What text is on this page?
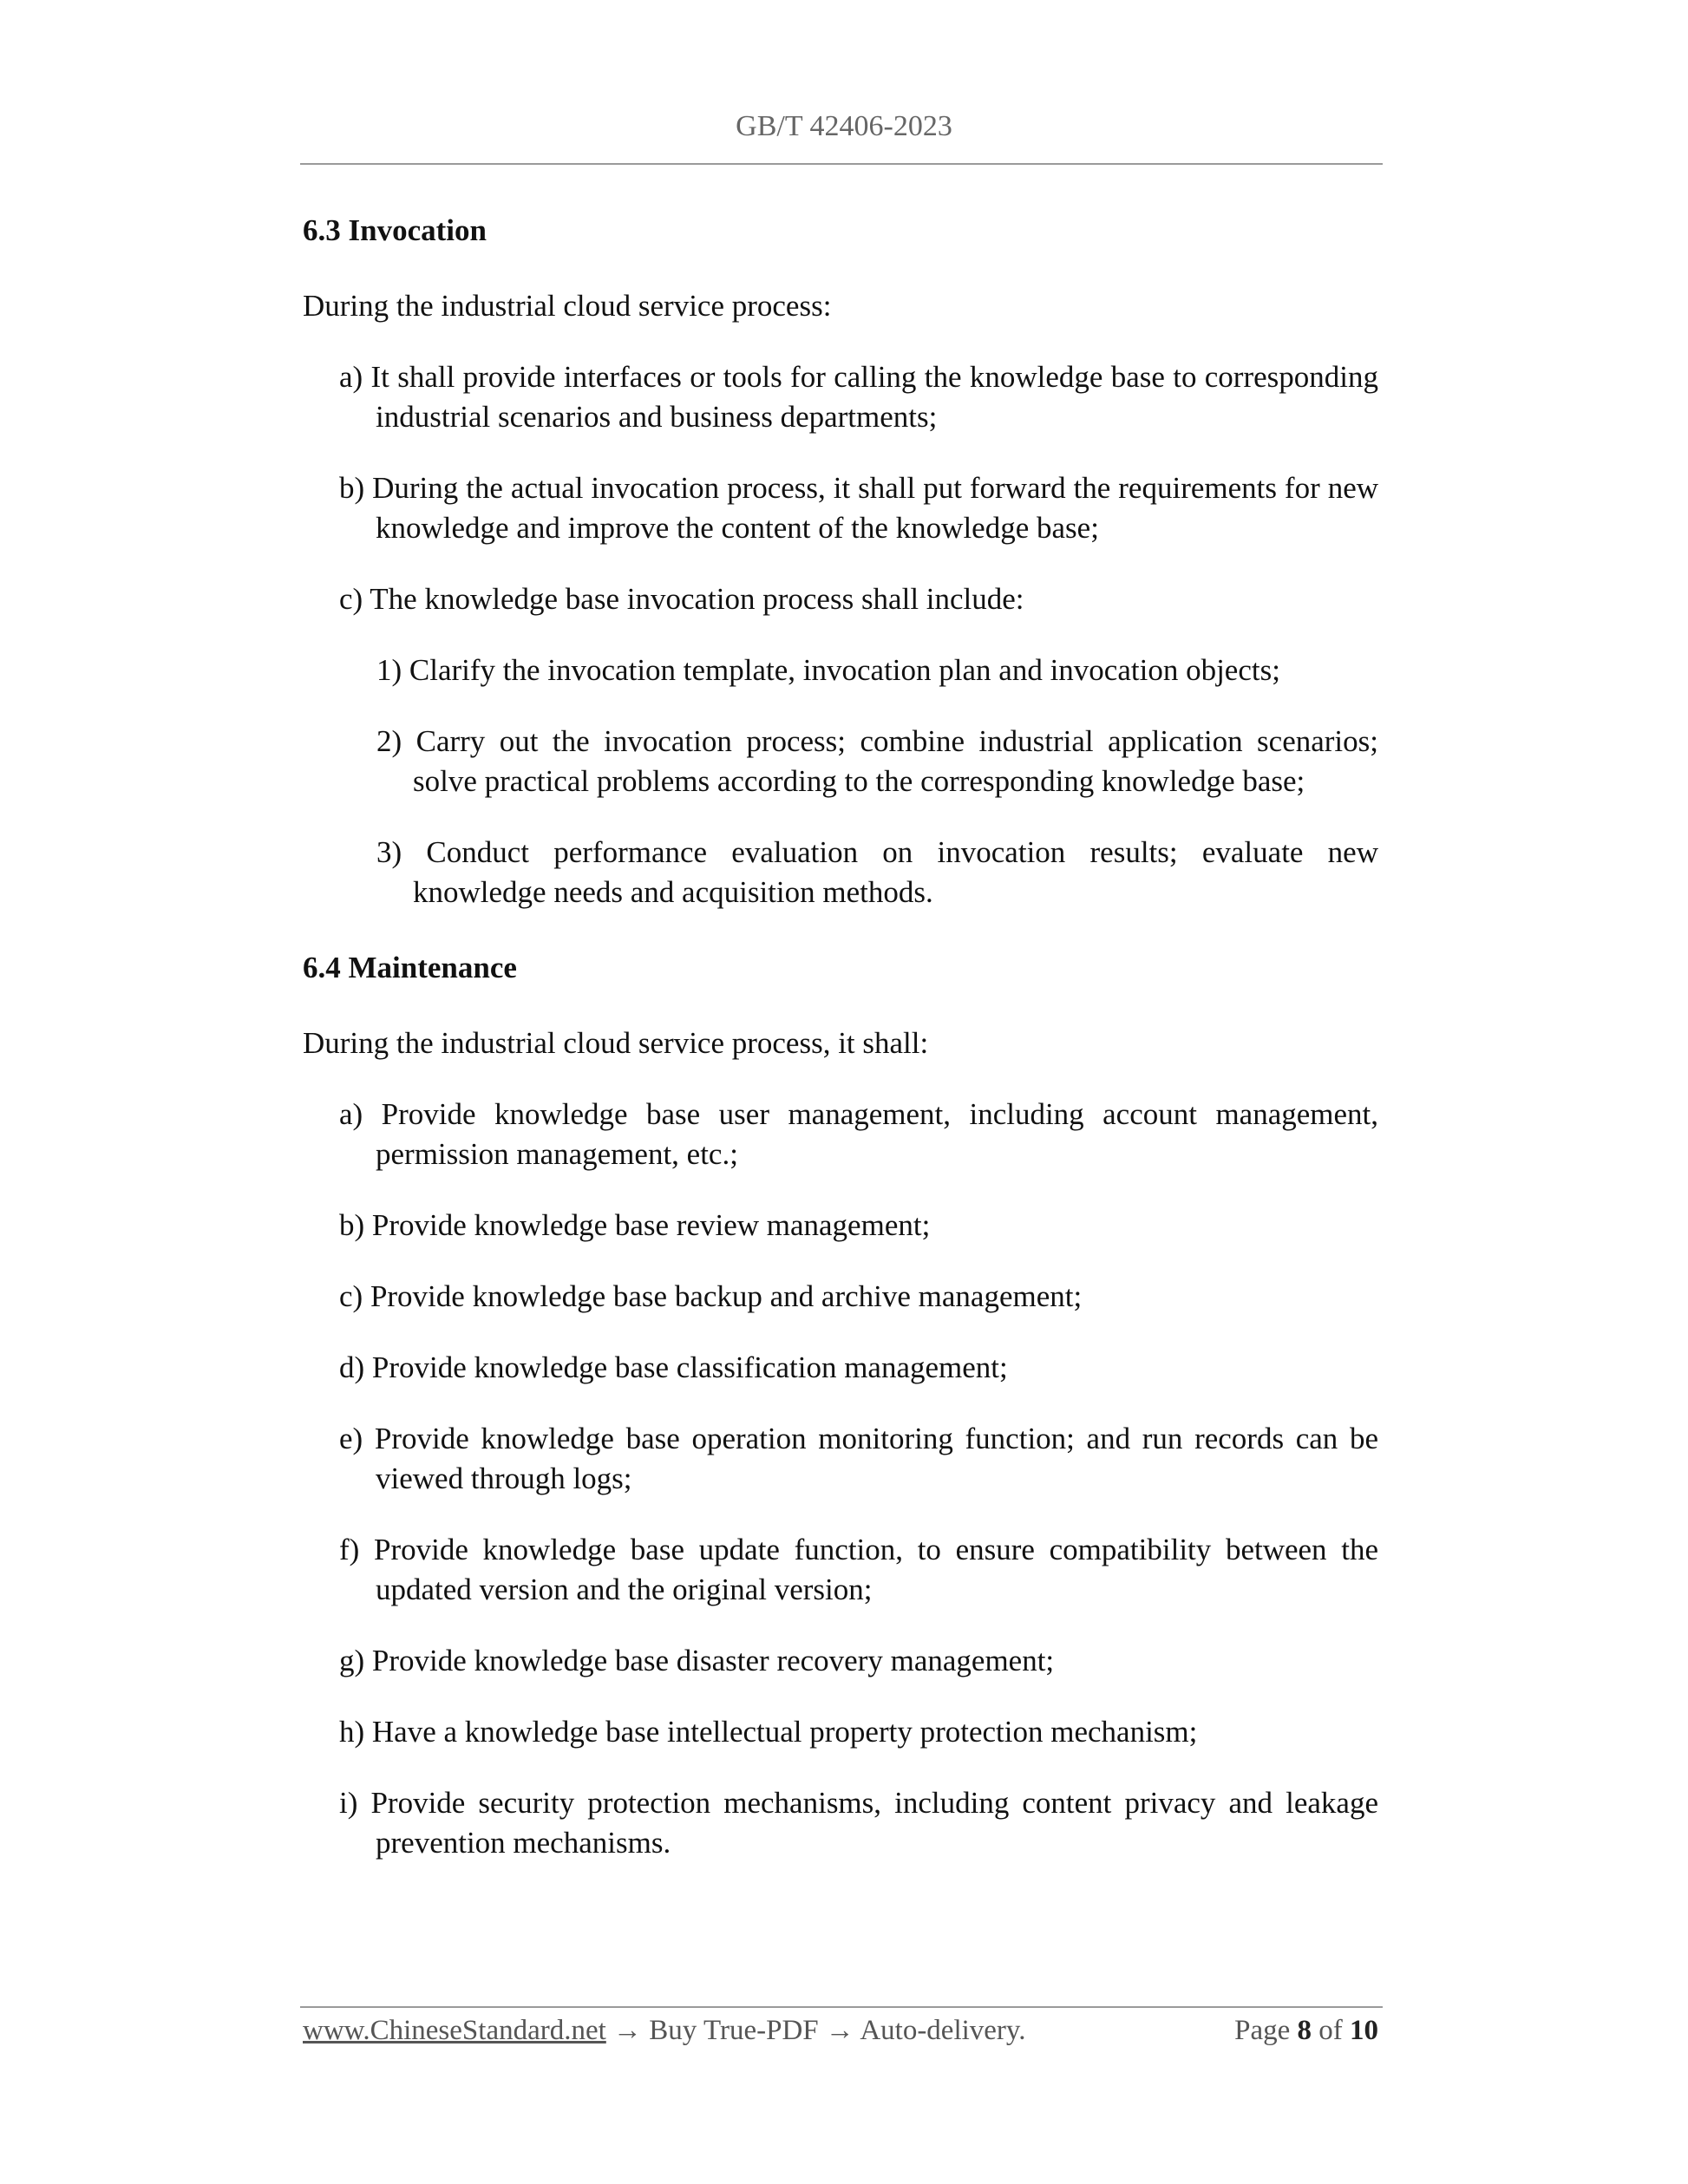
GB/T 42406-2023
6.3 Invocation

During the industrial cloud service process:

a) It shall provide interfaces or tools for calling the knowledge base to corresponding industrial scenarios and business departments;

b) During the actual invocation process, it shall put forward the requirements for new knowledge and improve the content of the knowledge base;

c) The knowledge base invocation process shall include:

1) Clarify the invocation template, invocation plan and invocation objects;

2) Carry out the invocation process; combine industrial application scenarios; solve practical problems according to the corresponding knowledge base;

3) Conduct performance evaluation on invocation results; evaluate new knowledge needs and acquisition methods.

6.4 Maintenance

During the industrial cloud service process, it shall:

a) Provide knowledge base user management, including account management, permission management, etc.;

b) Provide knowledge base review management;

c) Provide knowledge base backup and archive management;

d) Provide knowledge base classification management;

e) Provide knowledge base operation monitoring function; and run records can be viewed through logs;

f) Provide knowledge base update function, to ensure compatibility between the updated version and the original version;

g) Provide knowledge base disaster recovery management;

h) Have a knowledge base intellectual property protection mechanism;

i) Provide security protection mechanisms, including content privacy and leakage prevention mechanisms.

www.ChineseStandard.net → Buy True-PDF → Auto-delivery.	Page 8 of 10
